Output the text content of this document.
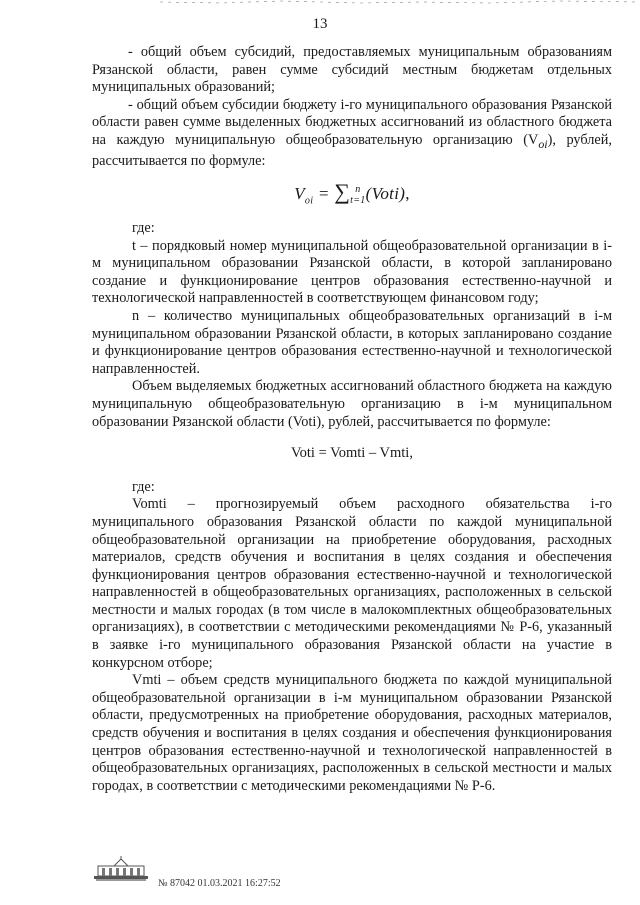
13

- общий объем субсидий, предоставляемых муниципальным образованиям Рязанской области, равен сумме субсидий местным бюджетам отдельных муниципальных образований;

- общий объем субсидии бюджету i-го муниципального образования Рязанской области равен сумме выделенных бюджетных ассигнований из областного бюджета на каждую муниципальную общеобразовательную организацию $(V_{oi})$, рублей, рассчитывается по формуле:

$V_{oi}$ = ∑ n
t=1 (Voti),

где:

t – порядковый номер муниципальной общеобразовательной организации в i-м муниципальном образовании Рязанской области, в которой запланировано создание и функционирование центров образования естественно-научной и технологической направленностей в соответствующем финансовом году;

n – количество муниципальных общеобразовательных организаций в i-м муниципальном образовании Рязанской области, в которых запланировано создание и функционирование центров образования естественно-научной и технологической направленностей.

Объем выделяемых бюджетных ассигнований областного бюджета на каждую муниципальную общеобразовательную организацию в i-м муниципальном образовании Рязанской области (Voti), рублей, рассчитывается по формуле:

Voti = Vomti – Vmti,

где:

Vomti – прогнозируемый объем расходного обязательства i-го муниципального образования Рязанской области по каждой муниципальной общеобразовательной организации на приобретение оборудования, расходных материалов, средств обучения и воспитания в целях создания и обеспечения функционирования центров образования естественно-научной и технологической направленностей в общеобразовательных организациях, расположенных в сельской местности и малых городах (в том числе в малокомплектных общеобразовательных организациях), в соответствии с методическими рекомендациями № Р-6, указанный в заявке i-го муниципального образования Рязанской области на участие в конкурсном отборе;

Vmti – объем средств муниципального бюджета по каждой муниципальной общеобразовательной организации в i-м муниципальном образовании Рязанской области, предусмотренных на приобретение оборудования, расходных материалов, средств обучения и воспитания в целях создания и обеспечения функционирования центров образования естественно-научной и технологической направленностей в общеобразовательных организациях, расположенных в сельской местности и малых городах, в соответствии с методическими рекомендациями № Р-6.

№ 87042 01.03.2021 16:27:52
